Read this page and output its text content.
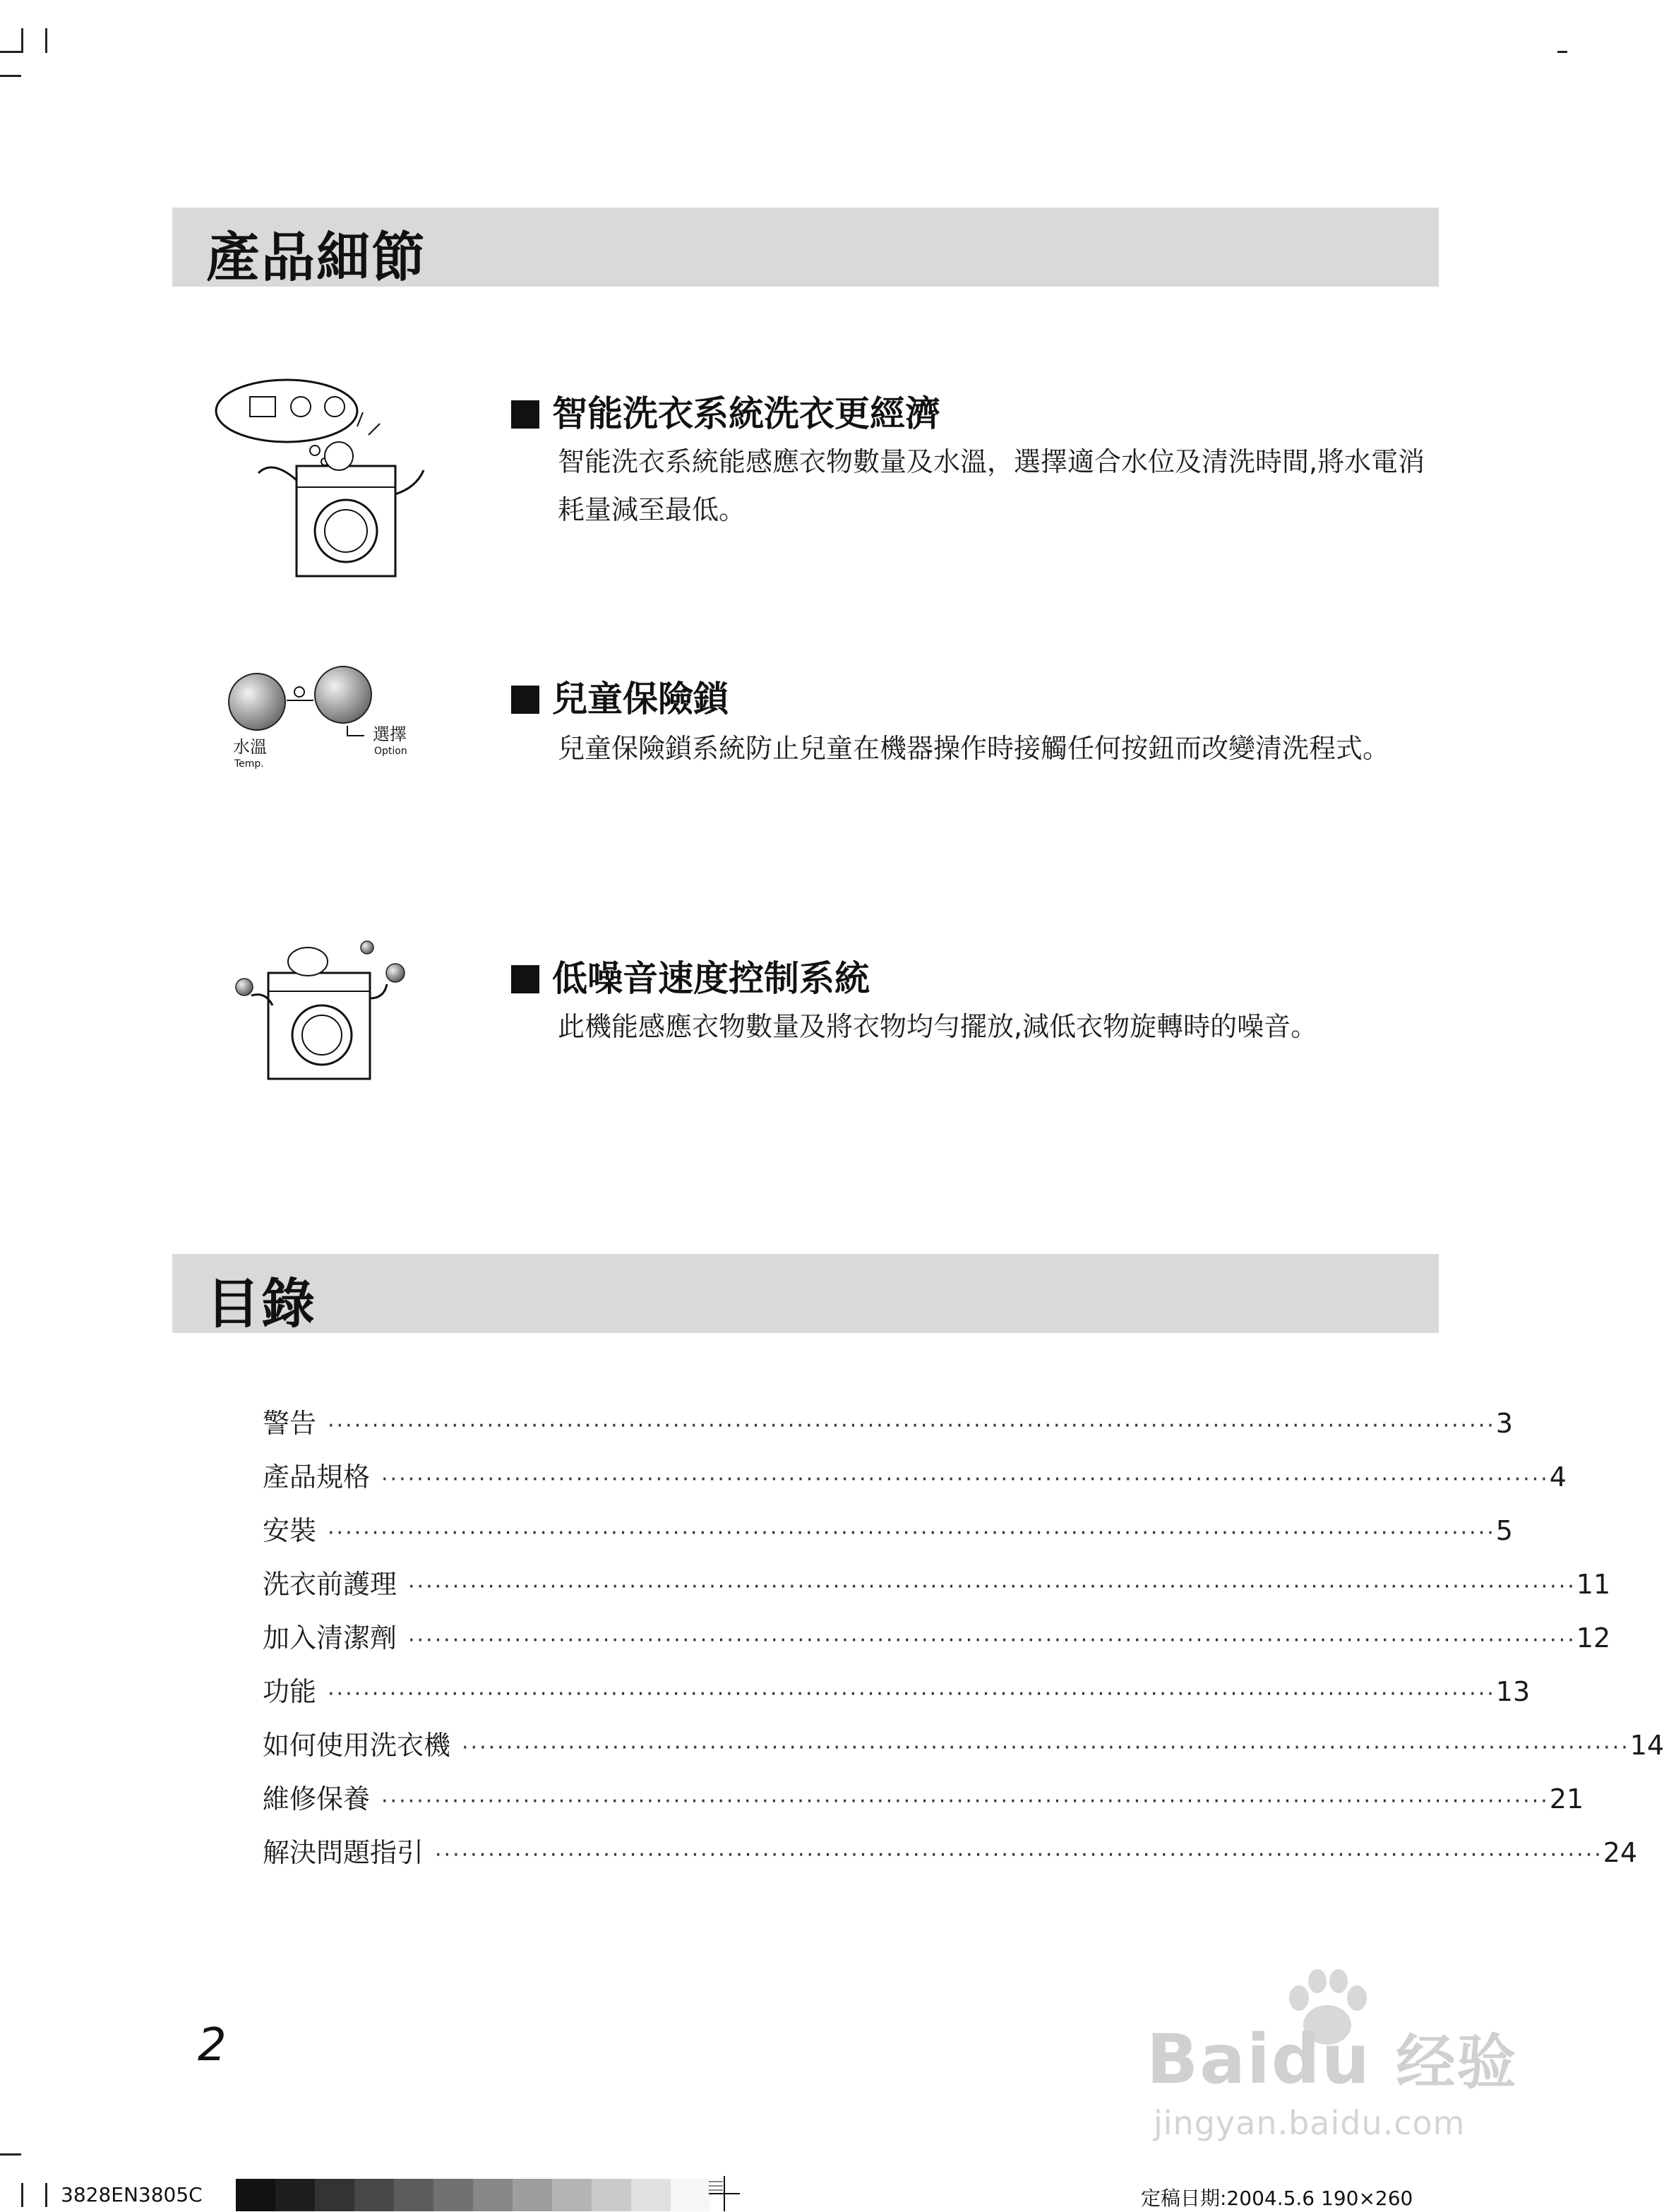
產品細節
智能洗衣系統洗衣更經濟
智能洗衣系統能感應衣物數量及水溫，選擇適合水位及清洗時間,將水電消耗量減至最低。
水溫
Temp.
選擇
Option
兒童保險鎖
兒童保險鎖系統防止兒童在機器操作時接觸任何按鈕而改變清洗程式。
低噪音速度控制系統
此機能感應衣物數量及將衣物均勻擺放,減低衣物旋轉時的噪音。
目錄
警告 ···································································································································· 3
產品規格 ···································································································································· 4
安裝 ···································································································································· 5
洗衣前護理 ···································································································································· 11
加入清潔劑 ···································································································································· 12
功能 ···································································································································· 13
如何使用洗衣機 ···································································································································· 14
維修保養 ···································································································································· 21
解決問題指引 ···································································································································· 24
2	Baidu 经验
jingyan.baidu.com
3828EN3805C	定稿日期:2004.5.6 190×260
